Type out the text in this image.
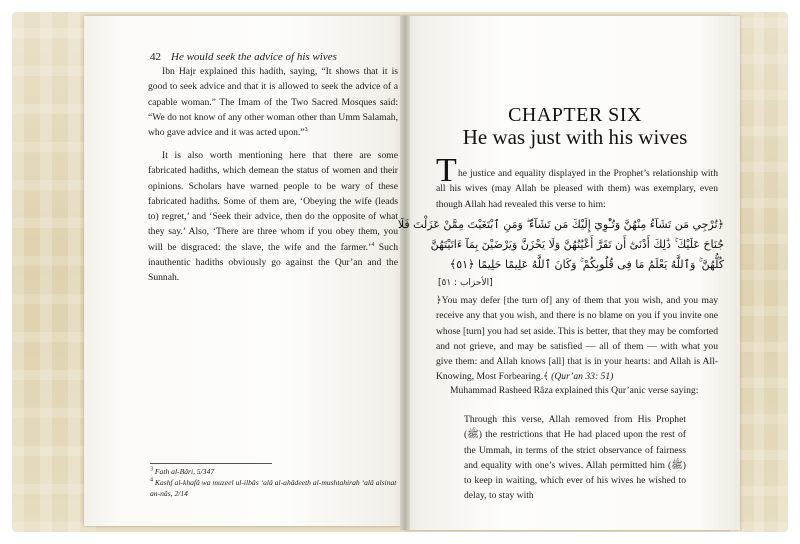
42 He would seek the advice of his wives
Ibn Hajr explained this hadith, saying, “It shows that it is good to seek advice and that it is allowed to seek the advice of a capable woman.” The Imam of the Two Sacred Mosques said: “We do not know of any other woman other than Umm Salamah, who gave advice and it was acted upon.”$^3$
It is also worth mentioning here that there are some fabricated hadiths, which demean the status of women and their opinions. Scholars have warned people to be wary of these fabricated hadiths. Some of them are, ‘Obeying the wife (leads to) regret,’ and ‘Seek their advice, then do the opposite of what they say.’ Also, ‘There are three whom if you obey them, you will be disgraced: the slave, the wife and the farmer.’$^4$ Such inauthentic hadiths obviously go against the Qur’an and the Sunnah.
$^3$ Fath al-Bâri, 5/347
$^4$ Kashf al-khafâ wa muzeel ul-ilbâs ‘alâ al-ahâdeeth al-mushtahirah ‘alâ alsinat an-nâs, 2/14
CHAPTER SIX
He was just with his wives
T he justice and equality displayed in the Prophet’s relationship with all his wives (may Allah be pleased with them) was exemplary, even though Allah had revealed this verse to him:
﴿تُرْجِي مَن تَشَآءُ مِنْهُنَّ وَتُـْٔوِيٓ إِلَيْكَ مَن تَشَآءُ ۖ وَمَنِ ٱبْتَغَيْتَ مِمَّنْ عَزَلْتَ فَلَا
جُنَاحَ عَلَيْكَ ۚ ذَٰلِكَ أَدْنَىٰٓ أَن تَقَرَّ أَعْيُنُهُنَّ وَلَا يَحْزَنَّ وَيَرْضَيْنَ بِمَآ ءَاتَيْتَهُنَّ
كُلُّهُنَّ ۚ وَٱللَّهُ يَعْلَمُ مَا فِى قُلُوبِكُمْ ۚ وَكَانَ ٱللَّهُ عَلِيمًا حَلِيمًا ﴿٥١﴾
[الأحزاب : ٥١]
﴿You may defer [the turn of] any of them that you wish, and you may receive any that you wish, and there is no blame on you if you invite one whose [turn] you had set aside. This is better, that they may be comforted and not grieve, and may be satisfied — all of them — with what you give them: and Allah knows [all] that is in your hearts: and Allah is All-Knowing, Most Forbearing.﴾ (Qur’an 33: 51)
Muhammad Rasheed Râza explained this Qur’anic verse saying:
Through this verse, Allah removed from His Prophet (ﷺ) the restrictions that He had placed upon the rest of the Ummah, in terms of the strict observance of fairness and equality with one’s wives. Allah permitted him (ﷺ) to keep in waiting, which ever of his wives he wished to delay, to stay with
